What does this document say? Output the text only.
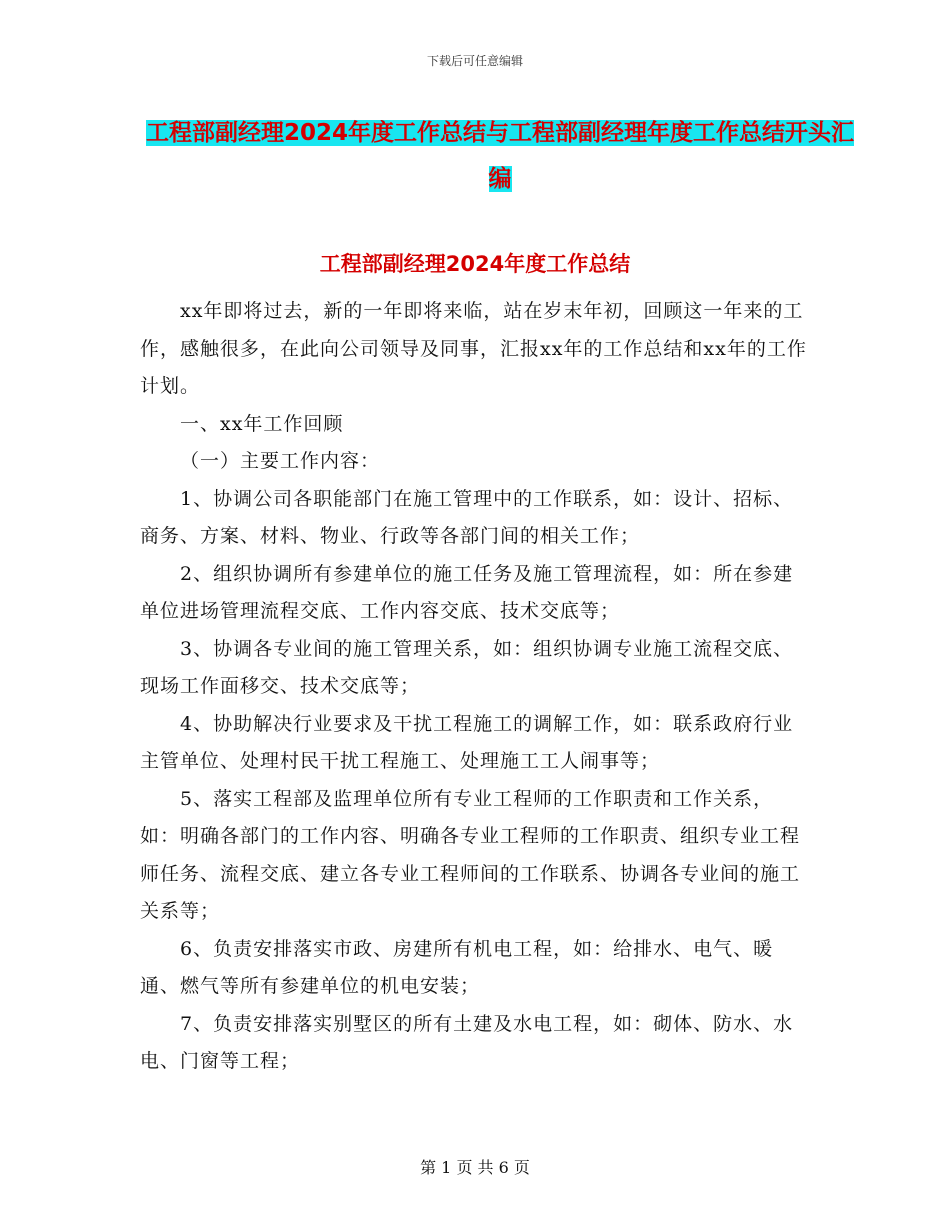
下载后可任意编辑
工程部副经理2024年度工作总结与工程部副经理年度工作总结开头汇编
工程部副经理2024年度工作总结

xx年即将过去，新的一年即将来临，站在岁末年初，回顾这一年来的工作，感触很多，在此向公司领导及同事，汇报xx年的工作总结和xx年的工作计划。

一、xx年工作回顾

（一）主要工作内容：

1、协调公司各职能部门在施工管理中的工作联系，如：设计、招标、商务、方案、材料、物业、行政等各部门间的相关工作；

2、组织协调所有参建单位的施工任务及施工管理流程，如：所在参建单位进场管理流程交底、工作内容交底、技术交底等；

3、协调各专业间的施工管理关系，如：组织协调专业施工流程交底、现场工作面移交、技术交底等；

4、协助解决行业要求及干扰工程施工的调解工作，如：联系政府行业主管单位、处理村民干扰工程施工、处理施工工人闹事等；

5、落实工程部及监理单位所有专业工程师的工作职责和工作关系，如：明确各部门的工作内容、明确各专业工程师的工作职责、组织专业工程师任务、流程交底、建立各专业工程师间的工作联系、协调各专业间的施工关系等；

6、负责安排落实市政、房建所有机电工程，如：给排水、电气、暖通、燃气等所有参建单位的机电安装；

7、负责安排落实别墅区的所有土建及水电工程，如：砌体、防水、水电、门窗等工程；

第 1 页 共 6 页
